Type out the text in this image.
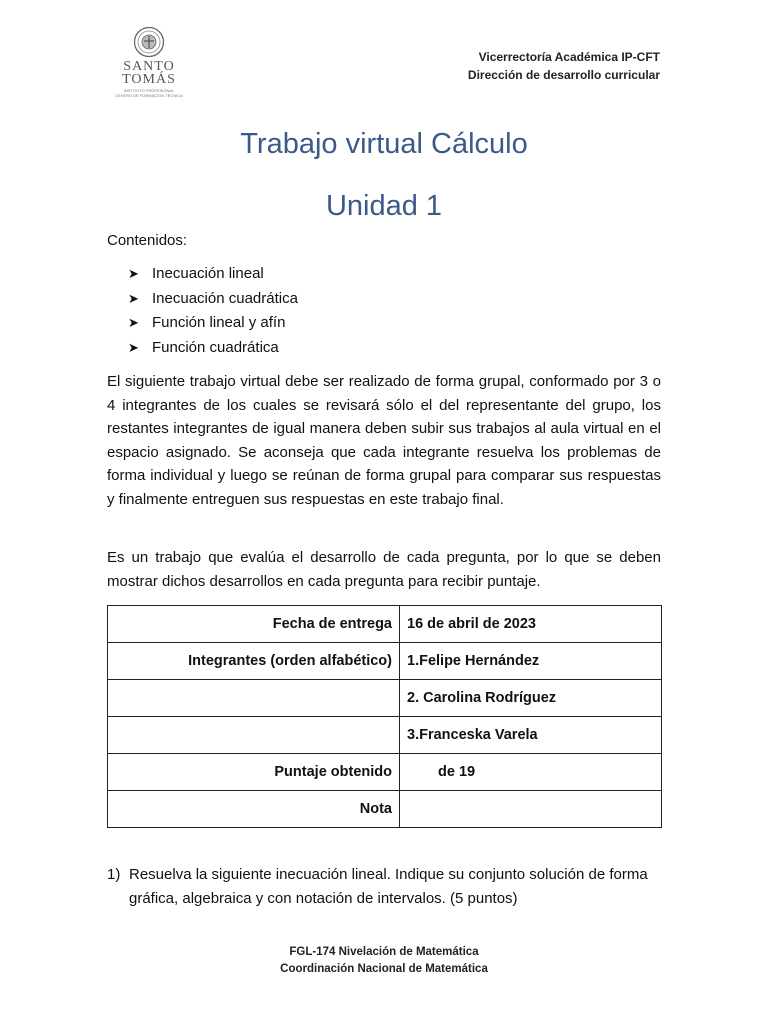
SANTO
TOMÁS
INSTITUTO PROFESIONAL
CENTRO DE FORMACIÓN TÉCNICA
Vicerrectoría Académica IP-CFT
Dirección de desarrollo curricular
Trabajo virtual Cálculo
Unidad 1
Contenidos:
➤ Inecuación lineal
➤ Inecuación cuadrática
➤ Función lineal y afín
➤ Función cuadrática

El siguiente trabajo virtual debe ser realizado de forma grupal, conformado por 3 o 4 integrantes de los cuales se revisará sólo el del representante del grupo, los restantes integrantes de igual manera deben subir sus trabajos al aula virtual en el espacio asignado. Se aconseja que cada integrante resuelva los problemas de forma individual y luego se reúnan de forma grupal para comparar sus respuestas y finalmente entreguen sus respuestas en este trabajo final.

Es un trabajo que evalúa el desarrollo de cada pregunta, por lo que se deben mostrar dichos desarrollos en cada pregunta para recibir puntaje.

Fecha de entrega	16 de abril de 2023
Integrantes (orden alfabético)	1.Felipe Hernández
	2. Carolina Rodríguez
	3.Franceska Varela
Puntaje obtenido	de 19
Nota	
1) Resuelva la siguiente inecuación lineal. Indique su conjunto solución de forma gráfica, algebraica y con notación de intervalos. (5 puntos)
FGL-174 Nivelación de Matemática
Coordinación Nacional de Matemática
